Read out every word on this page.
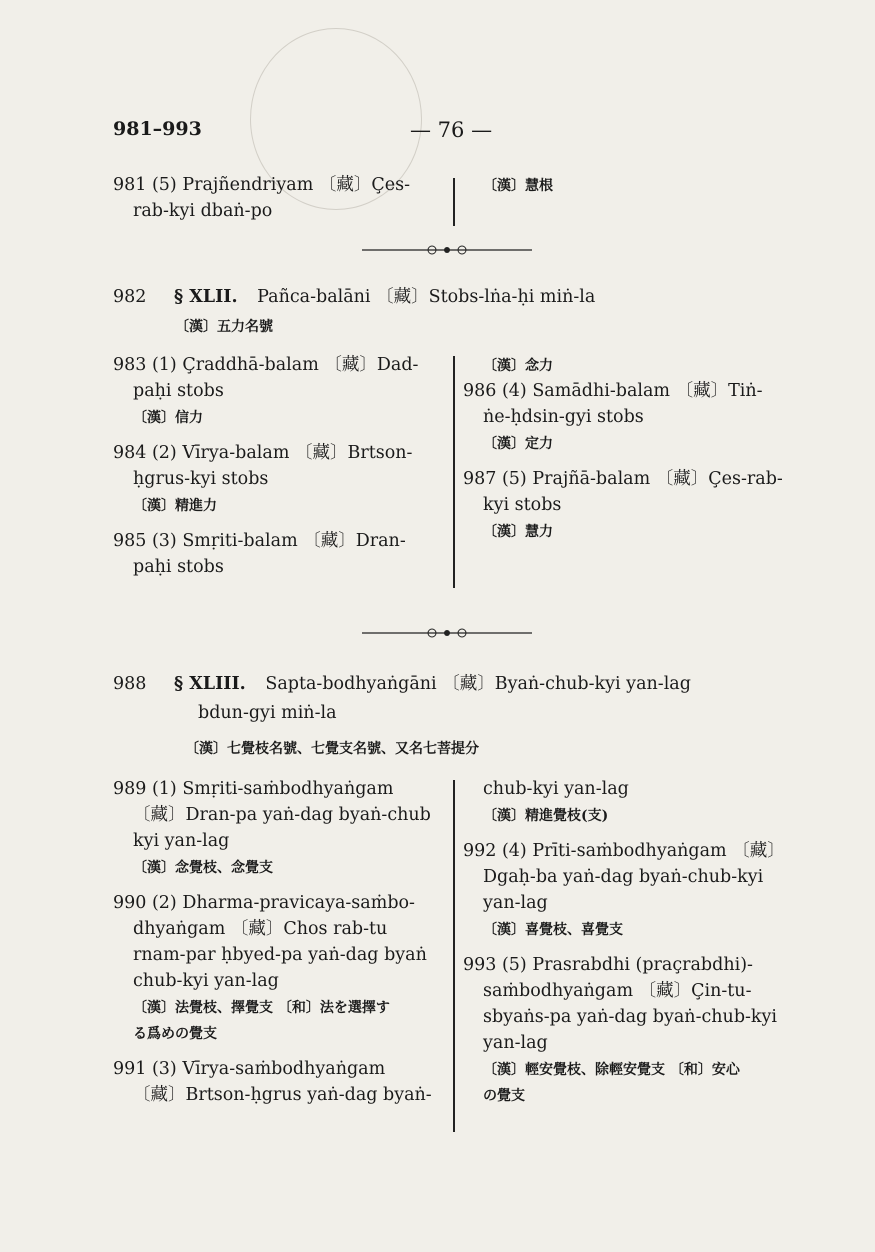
981–993	— 76 —
981 (5) Prajñendriyam 〔藏〕Çes-
rab-kyi dbaṅ-po
〔漢〕慧根
982 § XLII. Pañca-balāni 〔藏〕Stobs-lṅa-ḥi miṅ-la
〔漢〕五力名號
983 (1) Çraddhā-balam 〔藏〕Dad-
paḥi stobs
〔漢〕信力
984 (2) Vīrya-balam 〔藏〕Brtson-
ḥgrus-kyi stobs
〔漢〕精進力
985 (3) Smṛiti-balam 〔藏〕Dran-
paḥi stobs
〔漢〕念力
986 (4) Samādhi-balam 〔藏〕Tiṅ-
ṅe-ḥdsin-gyi stobs
〔漢〕定力
987 (5) Prajñā-balam 〔藏〕Çes-rab-
kyi stobs
〔漢〕慧力
988 § XLIII. Sapta-bodhyaṅgāni 〔藏〕Byaṅ-chub-kyi yan-lag
bdun-gyi miṅ-la
〔漢〕七覺枝名號、七覺支名號、又名七菩提分
989 (1) Smṛiti-saṁbodhyaṅgam
〔藏〕Dran-pa yaṅ-dag byaṅ-chub
kyi yan-lag
〔漢〕念覺枝、念覺支
990 (2) Dharma-pravicaya-saṁbo-
dhyaṅgam 〔藏〕Chos rab-tu
rnam-par ḥbyed-pa yaṅ-dag byaṅ
chub-kyi yan-lag
〔漢〕法覺枝、擇覺支 〔和〕法を選擇す
る爲めの覺支
991 (3) Vīrya-saṁbodhyaṅgam
〔藏〕Brtson-ḥgrus yaṅ-dag byaṅ-
chub-kyi yan-lag
〔漢〕精進覺枝(支)
992 (4) Prīti-saṁbodhyaṅgam 〔藏〕
Dgaḥ-ba yaṅ-dag byaṅ-chub-kyi
yan-lag
〔漢〕喜覺枝、喜覺支
993 (5) Prasrabdhi (praçrabdhi)-
saṁbodhyaṅgam 〔藏〕Çin-tu-
sbyaṅs-pa yaṅ-dag byaṅ-chub-kyi
yan-lag
〔漢〕輕安覺枝、除輕安覺支 〔和〕安心
の覺支
